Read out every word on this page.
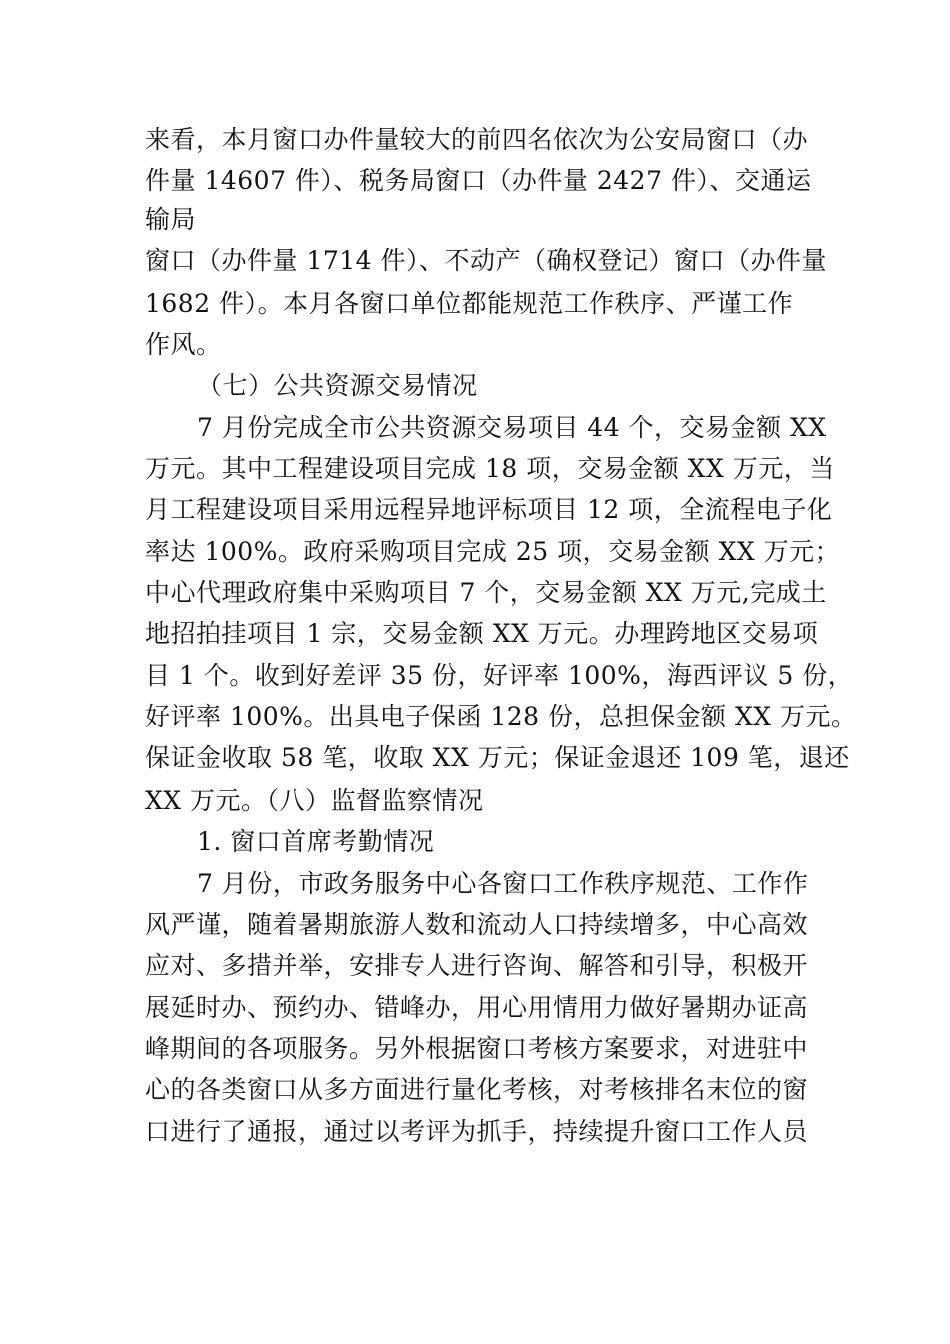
来看，本月窗口办件量较大的前四名依次为公安局窗口（办

件量 14607 件）、税务局窗口（办件量 2427 件）、交通运

输局

窗口（办件量 1714 件）、不动产（确权登记）窗口（办件量

1682 件）。本月各窗口单位都能规范工作秩序、严谨工作

作风。

（七）公共资源交易情况

7 月份完成全市公共资源交易项目 44 个，交易金额 XX

万元。其中工程建设项目完成 18 项，交易金额 XX 万元，当

月工程建设项目采用远程异地评标项目 12 项，全流程电子化

率达 100%。政府采购项目完成 25 项，交易金额 XX 万元；

中心代理政府集中采购项目 7 个，交易金额 XX 万元,完成土

地招拍挂项目 1 宗，交易金额 XX 万元。办理跨地区交易项

目 1 个。收到好差评 35 份，好评率 100%，海西评议 5 份，

好评率 100%。出具电子保函 128 份，总担保金额 XX 万元。

保证金收取 58 笔，收取 XX 万元；保证金退还 109 笔，退还

XX 万元。（八）监督监察情况

1. 窗口首席考勤情况

7 月份，市政务服务中心各窗口工作秩序规范、工作作

风严谨，随着暑期旅游人数和流动人口持续增多，中心高效

应对、多措并举，安排专人进行咨询、解答和引导，积极开

展延时办、预约办、错峰办，用心用情用力做好暑期办证高

峰期间的各项服务。另外根据窗口考核方案要求，对进驻中

心的各类窗口从多方面进行量化考核，对考核排名末位的窗

口进行了通报，通过以考评为抓手，持续提升窗口工作人员
